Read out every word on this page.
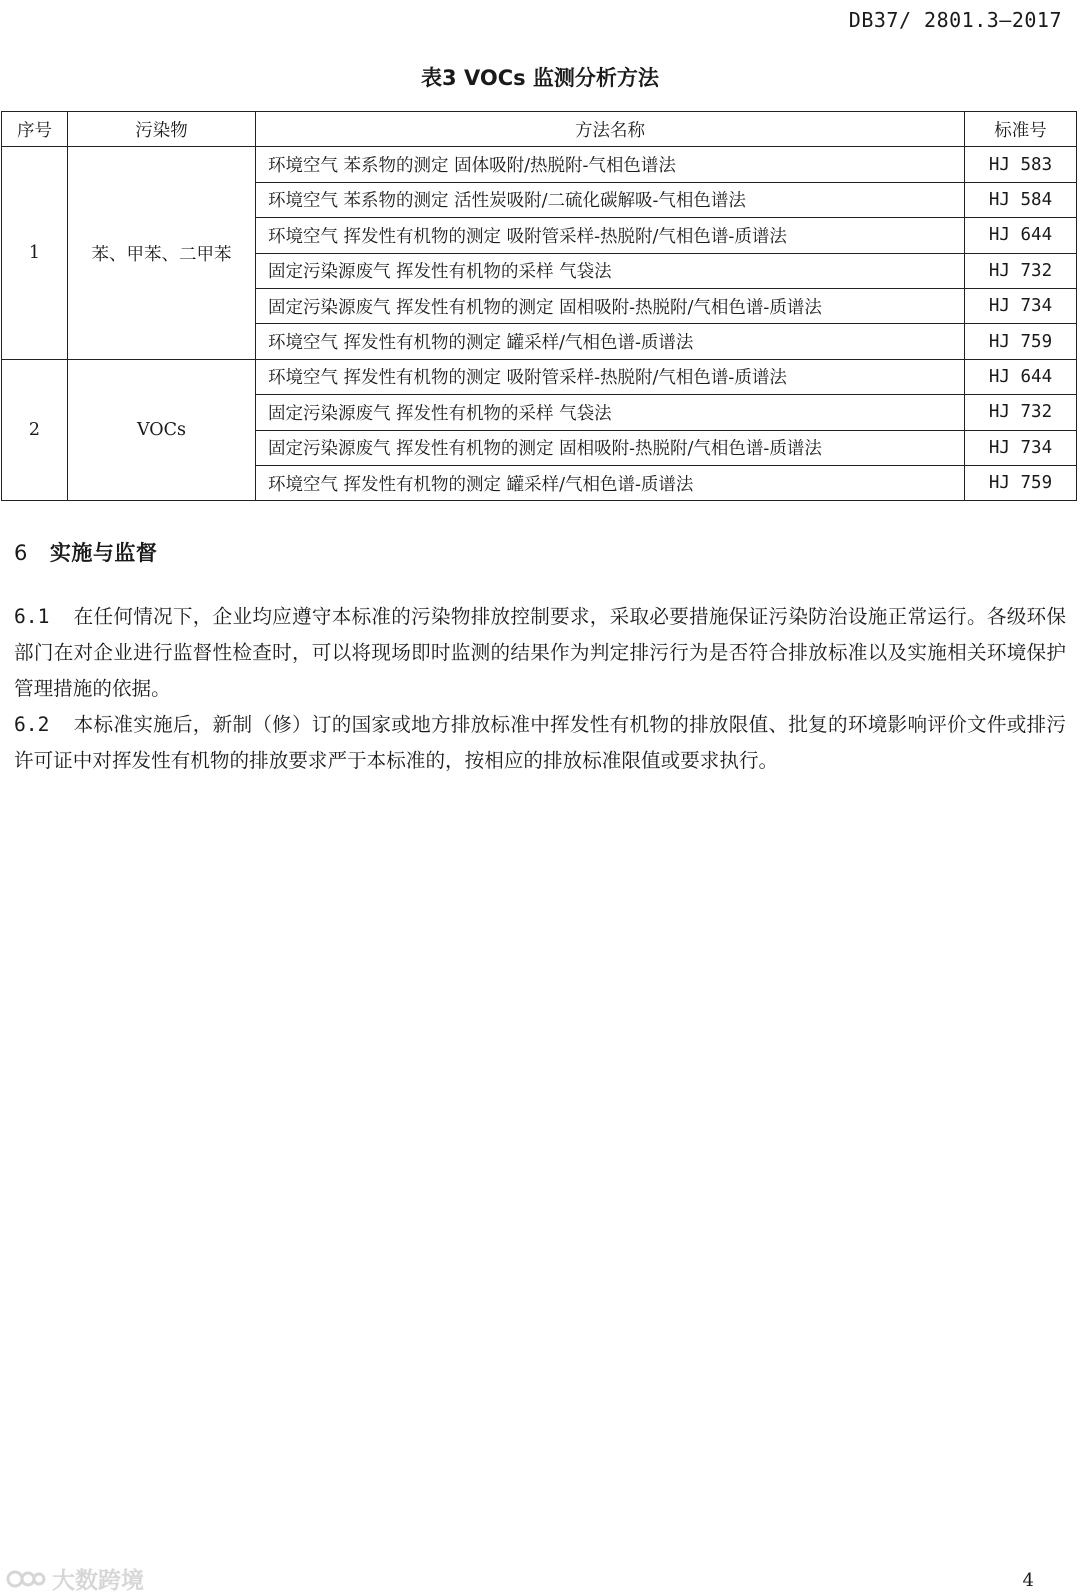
DB37/ 2801.3—2017
表3 VOCs 监测分析方法
序号	污染物	方法名称	标准号
1	苯、甲苯、二甲苯	环境空气 苯系物的测定 固体吸附/热脱附-气相色谱法	HJ 583
		环境空气 苯系物的测定 活性炭吸附/二硫化碳解吸-气相色谱法	HJ 584
		环境空气 挥发性有机物的测定 吸附管采样-热脱附/气相色谱-质谱法	HJ 644
		固定污染源废气 挥发性有机物的采样 气袋法	HJ 732
		固定污染源废气 挥发性有机物的测定 固相吸附-热脱附/气相色谱-质谱法	HJ 734
		环境空气 挥发性有机物的测定 罐采样/气相色谱-质谱法	HJ 759
2	VOCs	环境空气 挥发性有机物的测定 吸附管采样-热脱附/气相色谱-质谱法	HJ 644
		固定污染源废气 挥发性有机物的采样 气袋法	HJ 732
		固定污染源废气 挥发性有机物的测定 固相吸附-热脱附/气相色谱-质谱法	HJ 734
		环境空气 挥发性有机物的测定 罐采样/气相色谱-质谱法	HJ 759
6 实施与监督
6.1 在任何情况下，企业均应遵守本标准的污染物排放控制要求，采取必要措施保证污染防治设施正常运行。各级环保部门在对企业进行监督性检查时，可以将现场即时监测的结果作为判定排污行为是否符合排放标准以及实施相关环境保护管理措施的依据。
6.2 本标准实施后，新制（修）订的国家或地方排放标准中挥发性有机物的排放限值、批复的环境影响评价文件或排污许可证中对挥发性有机物的排放要求严于本标准的，按相应的排放标准限值或要求执行。
大数跨境	4
